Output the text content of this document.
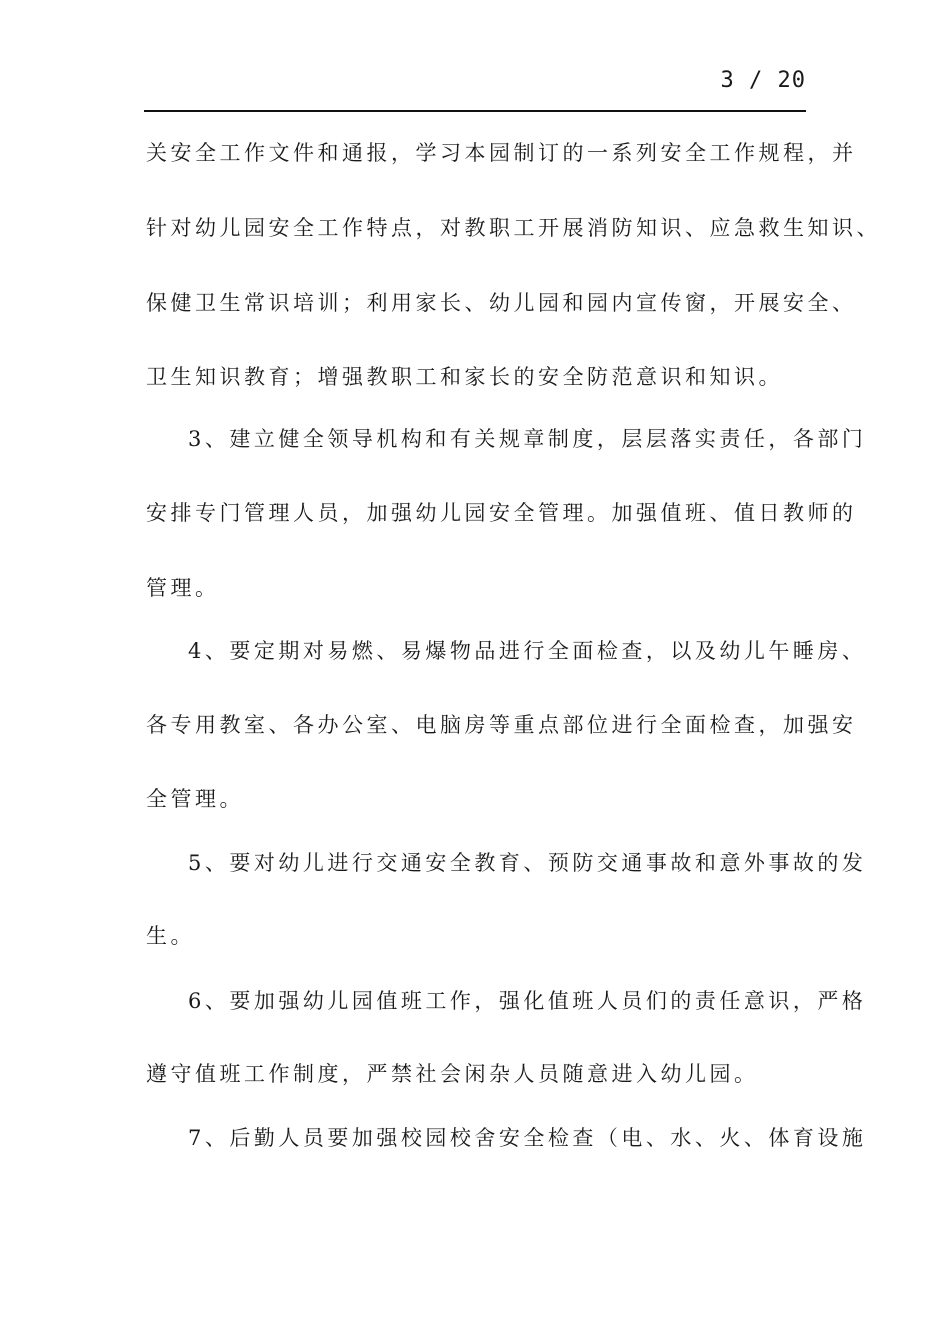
3 / 20
关安全工作文件和通报，学习本园制订的一系列安全工作规程，并
针对幼儿园安全工作特点，对教职工开展消防知识、应急救生知识、
保健卫生常识培训；利用家长、幼儿园和园内宣传窗，开展安全、
卫生知识教育；增强教职工和家长的安全防范意识和知识。
3、建立健全领导机构和有关规章制度，层层落实责任，各部门
安排专门管理人员，加强幼儿园安全管理。加强值班、值日教师的
管理。
4、要定期对易燃、易爆物品进行全面检查，以及幼儿午睡房、
各专用教室、各办公室、电脑房等重点部位进行全面检查，加强安
全管理。
5、要对幼儿进行交通安全教育、预防交通事故和意外事故的发
生。
6、要加强幼儿园值班工作，强化值班人员们的责任意识，严格
遵守值班工作制度，严禁社会闲杂人员随意进入幼儿园。
7、后勤人员要加强校园校舍安全检查（电、水、火、体育设施
